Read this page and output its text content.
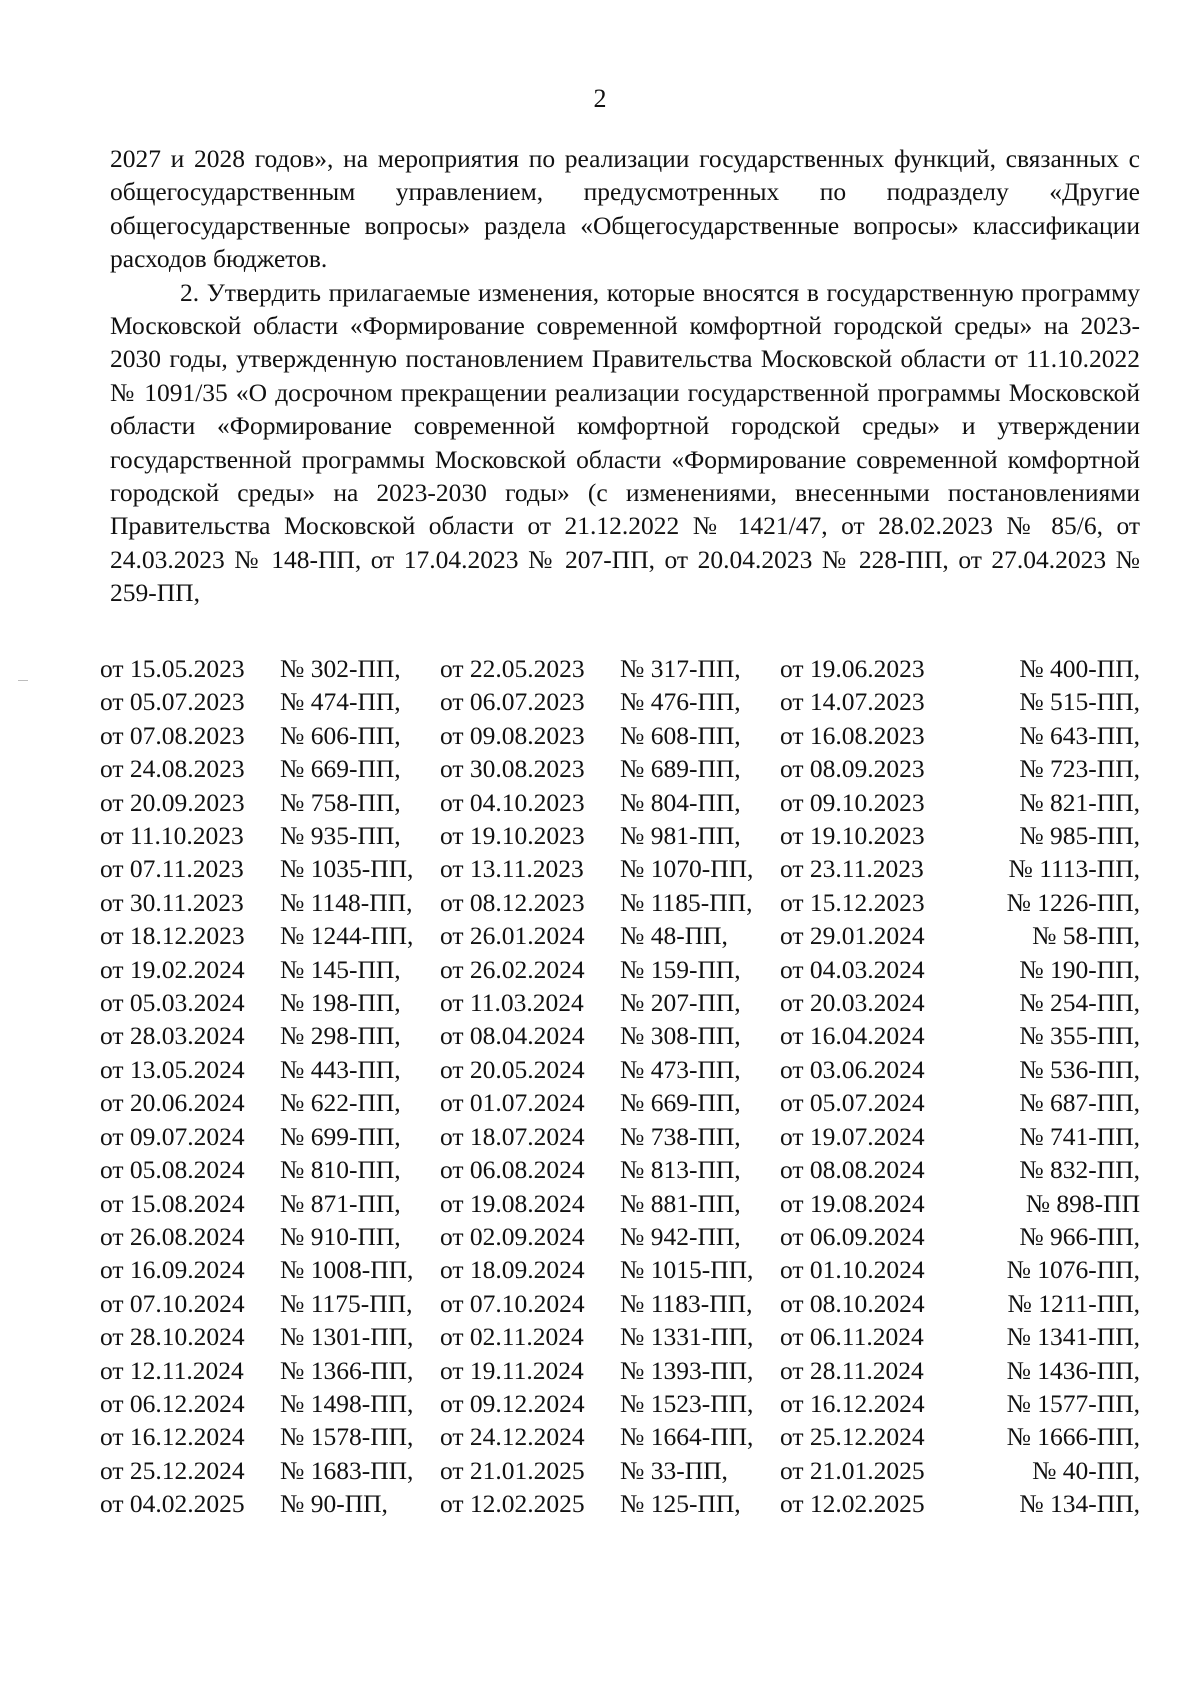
2

2027 и 2028 годов», на мероприятия по реализации государственных функций, связанных с общегосударственным управлением, предусмотренных по подразделу «Другие общегосударственные вопросы» раздела «Общегосударственные вопросы» классификации расходов бюджетов.

2. Утвердить прилагаемые изменения, которые вносятся в государственную программу Московской области «Формирование современной комфортной городской среды» на 2023-2030 годы, утвержденную постановлением Правительства Московской области от 11.10.2022 № 1091/35 «О досрочном прекращении реализации государственной программы Московской области «Формирование современной комфортной городской среды» и утверждении государственной программы Московской области «Формирование современной комфортной городской среды» на 2023-2030 годы» (с изменениями, внесенными постановлениями Правительства Московской области от 21.12.2022 № 1421/47, от 28.02.2023 № 85/6, от 24.03.2023 № 148-ПП, от 17.04.2023 № 207-ПП, от 20.04.2023 № 228-ПП, от 27.04.2023 № 259-ПП,

от 15.05.2023	№ 302-ПП,	от 22.05.2023	№ 317-ПП,	от 19.06.2023	№ 400-ПП,
от 05.07.2023	№ 474-ПП,	от 06.07.2023	№ 476-ПП,	от 14.07.2023	№ 515-ПП,
от 07.08.2023	№ 606-ПП,	от 09.08.2023	№ 608-ПП,	от 16.08.2023	№ 643-ПП,
от 24.08.2023	№ 669-ПП,	от 30.08.2023	№ 689-ПП,	от 08.09.2023	№ 723-ПП,
от 20.09.2023	№ 758-ПП,	от 04.10.2023	№ 804-ПП,	от 09.10.2023	№ 821-ПП,
от 11.10.2023	№ 935-ПП,	от 19.10.2023	№ 981-ПП,	от 19.10.2023	№ 985-ПП,
от 07.11.2023	№ 1035-ПП,	от 13.11.2023	№ 1070-ПП,	от 23.11.2023	№ 1113-ПП,
от 30.11.2023	№ 1148-ПП,	от 08.12.2023	№ 1185-ПП,	от 15.12.2023	№ 1226-ПП,
от 18.12.2023	№ 1244-ПП,	от 26.01.2024	№ 48-ПП,	от 29.01.2024	№ 58-ПП,
от 19.02.2024	№ 145-ПП,	от 26.02.2024	№ 159-ПП,	от 04.03.2024	№ 190-ПП,
от 05.03.2024	№ 198-ПП,	от 11.03.2024	№ 207-ПП,	от 20.03.2024	№ 254-ПП,
от 28.03.2024	№ 298-ПП,	от 08.04.2024	№ 308-ПП,	от 16.04.2024	№ 355-ПП,
от 13.05.2024	№ 443-ПП,	от 20.05.2024	№ 473-ПП,	от 03.06.2024	№ 536-ПП,
от 20.06.2024	№ 622-ПП,	от 01.07.2024	№ 669-ПП,	от 05.07.2024	№ 687-ПП,
от 09.07.2024	№ 699-ПП,	от 18.07.2024	№ 738-ПП,	от 19.07.2024	№ 741-ПП,
от 05.08.2024	№ 810-ПП,	от 06.08.2024	№ 813-ПП,	от 08.08.2024	№ 832-ПП,
от 15.08.2024	№ 871-ПП,	от 19.08.2024	№ 881-ПП,	от 19.08.2024	№ 898-ПП
от 26.08.2024	№ 910-ПП,	от 02.09.2024	№ 942-ПП,	от 06.09.2024	№ 966-ПП,
от 16.09.2024	№ 1008-ПП,	от 18.09.2024	№ 1015-ПП,	от 01.10.2024	№ 1076-ПП,
от 07.10.2024	№ 1175-ПП,	от 07.10.2024	№ 1183-ПП,	от 08.10.2024	№ 1211-ПП,
от 28.10.2024	№ 1301-ПП,	от 02.11.2024	№ 1331-ПП,	от 06.11.2024	№ 1341-ПП,
от 12.11.2024	№ 1366-ПП,	от 19.11.2024	№ 1393-ПП,	от 28.11.2024	№ 1436-ПП,
от 06.12.2024	№ 1498-ПП,	от 09.12.2024	№ 1523-ПП,	от 16.12.2024	№ 1577-ПП,
от 16.12.2024	№ 1578-ПП,	от 24.12.2024	№ 1664-ПП,	от 25.12.2024	№ 1666-ПП,
от 25.12.2024	№ 1683-ПП,	от 21.01.2025	№ 33-ПП,	от 21.01.2025	№ 40-ПП,
от 04.02.2025	№ 90-ПП,	от 12.02.2025	№ 125-ПП,	от 12.02.2025	№ 134-ПП,
